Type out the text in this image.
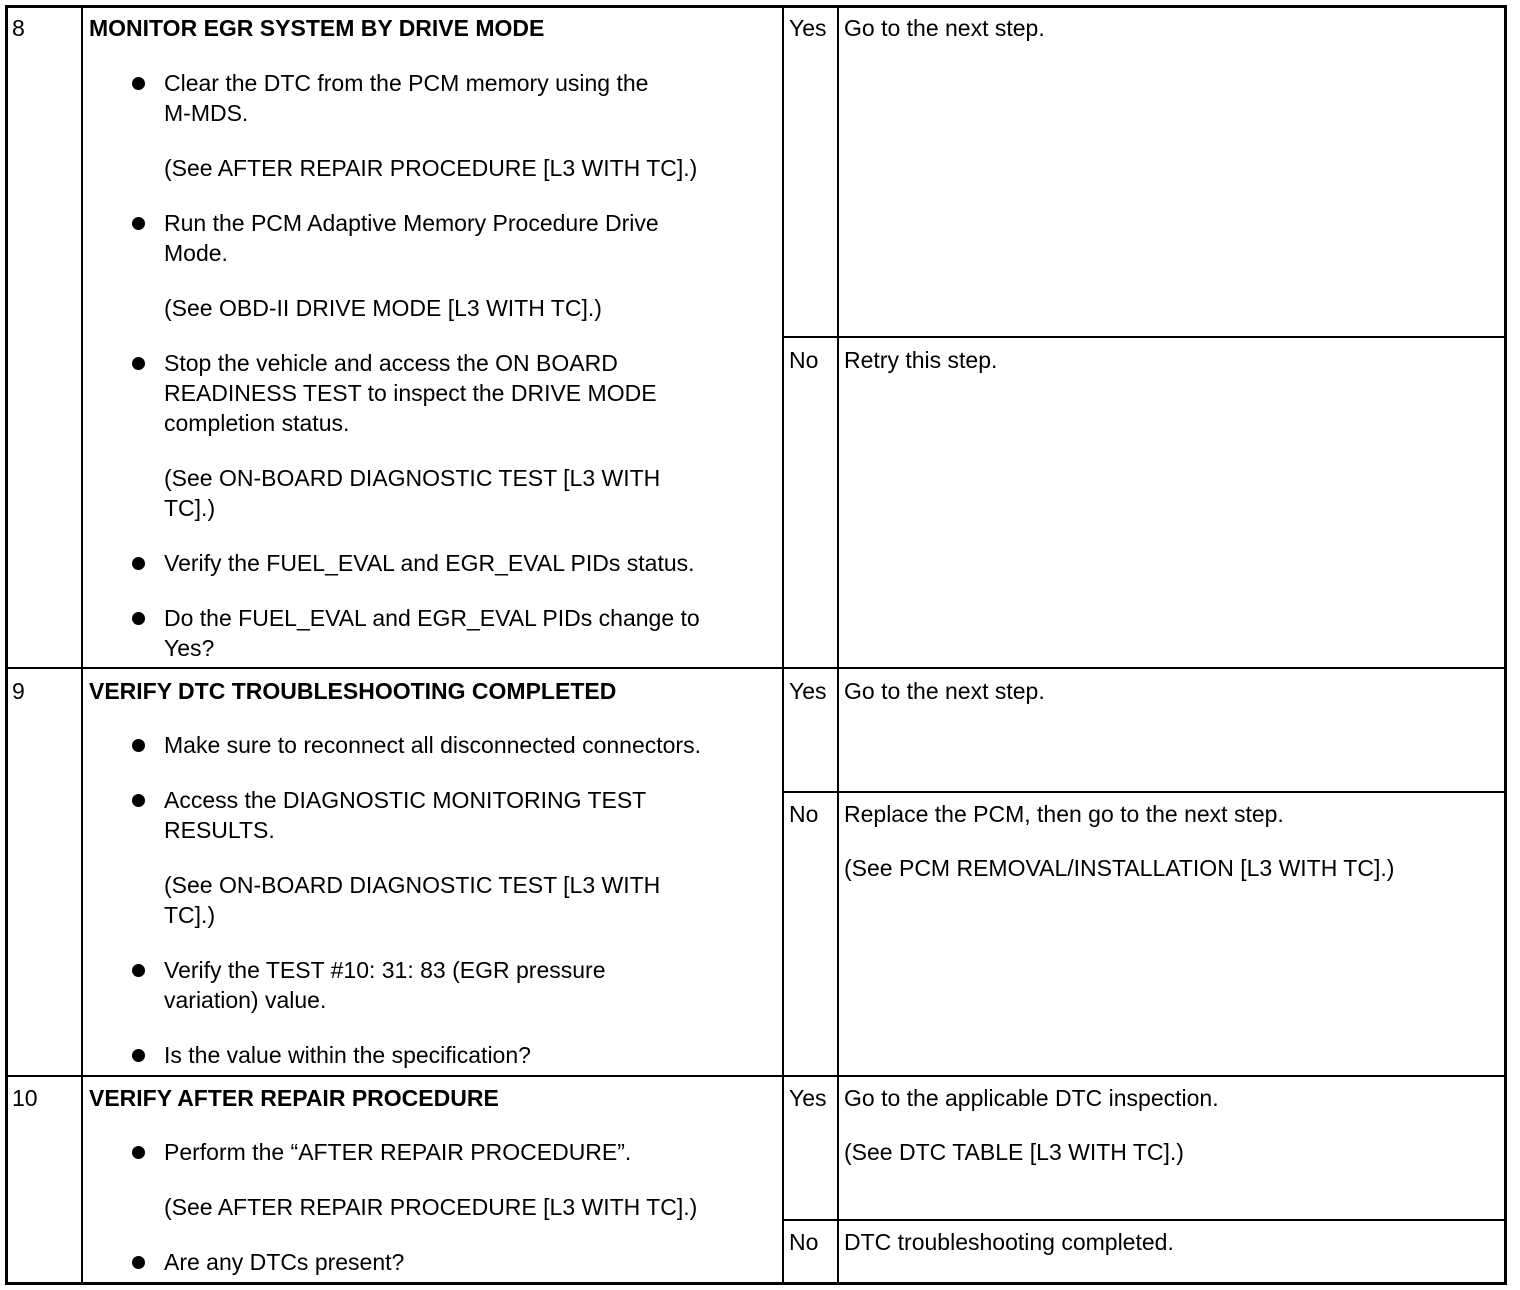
8	MONITOR EGR SYSTEM BY DRIVE MODE
Clear the DTC from the PCM memory using the
M-MDS.
(See AFTER REPAIR PROCEDURE [L3 WITH TC].)
Run the PCM Adaptive Memory Procedure Drive
Mode.
(See OBD-II DRIVE MODE [L3 WITH TC].)
Stop the vehicle and access the ON BOARD
READINESS TEST to inspect the DRIVE MODE
completion status.
(See ON-BOARD DIAGNOSTIC TEST [L3 WITH
TC].)
Verify the FUEL_EVAL and EGR_EVAL PIDs status.
Do the FUEL_EVAL and EGR_EVAL PIDs change to
Yes?
Yes Go to the next step.
No Retry this step.
9	VERIFY DTC TROUBLESHOOTING COMPLETED
Make sure to reconnect all disconnected connectors.
Access the DIAGNOSTIC MONITORING TEST
RESULTS.
(See ON-BOARD DIAGNOSTIC TEST [L3 WITH
TC].)
Verify the TEST #10: 31: 83 (EGR pressure
variation) value.
Is the value within the specification?
Yes Go to the next step.
No Replace the PCM, then go to the next step.
(See PCM REMOVAL/INSTALLATION [L3 WITH TC].)
10 VERIFY AFTER REPAIR PROCEDURE
Perform the “AFTER REPAIR PROCEDURE”.
(See AFTER REPAIR PROCEDURE [L3 WITH TC].)
Are any DTCs present?
Yes Go to the applicable DTC inspection.
(See DTC TABLE [L3 WITH TC].)
No DTC troubleshooting completed.
